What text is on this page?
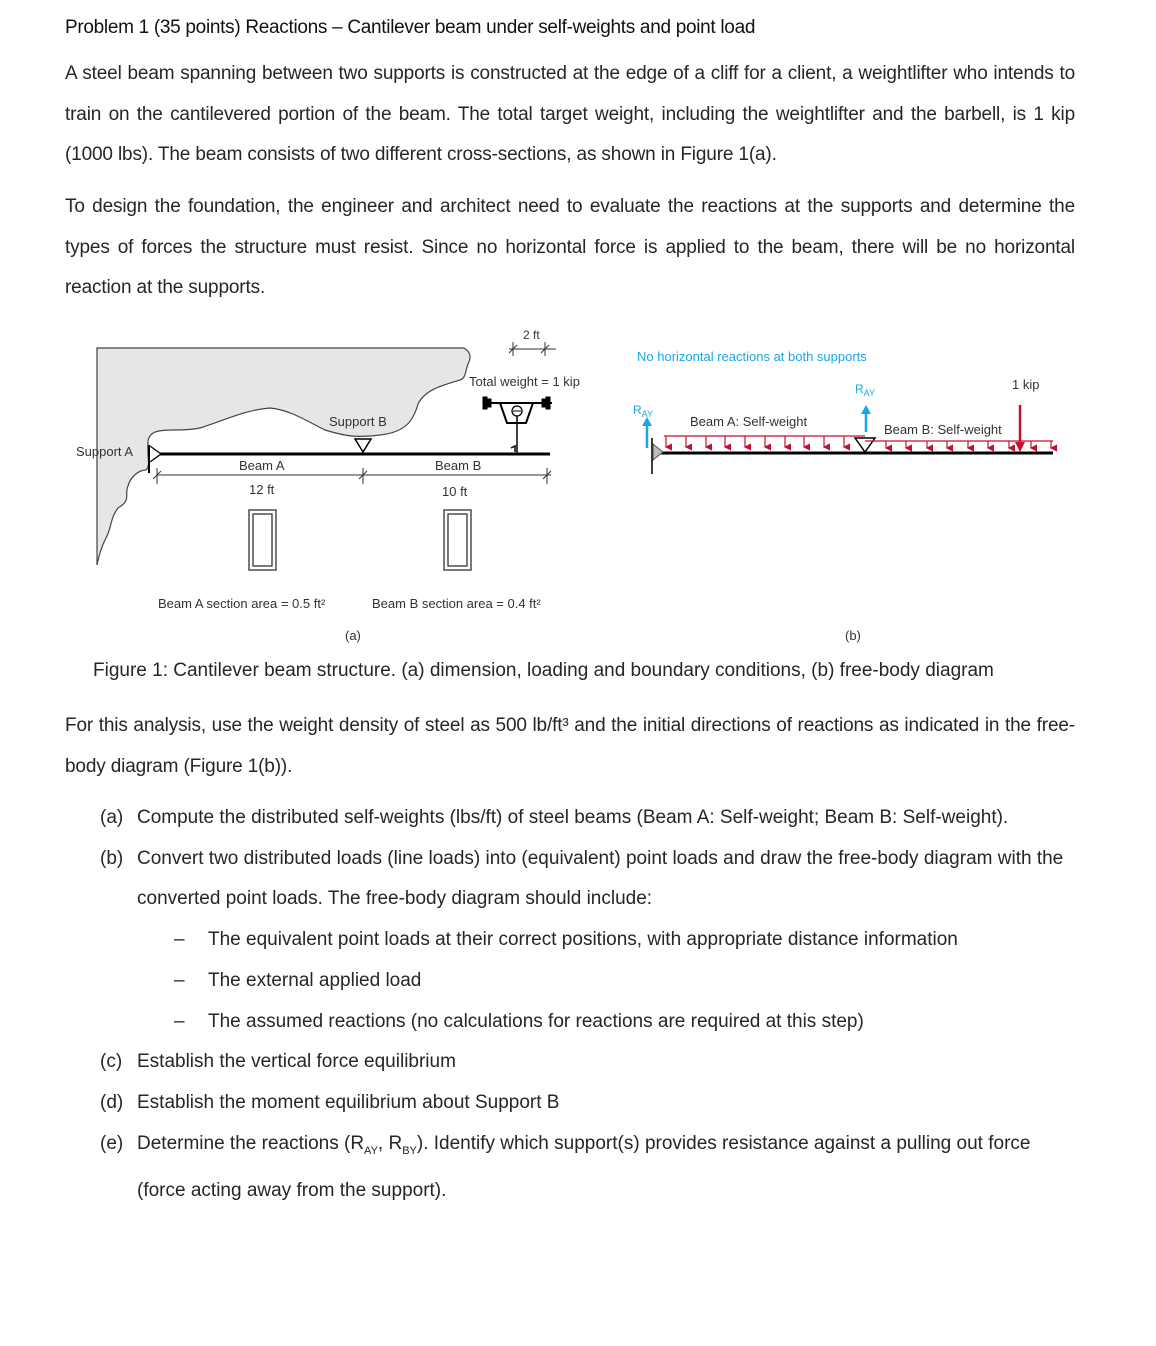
Problem 1 (35 points) Reactions – Cantilever beam under self-weights and point load
A steel beam spanning between two supports is constructed at the edge of a cliff for a client, a weightlifter who intends to train on the cantilevered portion of the beam. The total target weight, including the weightlifter and the barbell, is 1 kip (1000 lbs). The beam consists of two different cross-sections, as shown in Figure 1(a).
To design the foundation, the engineer and architect need to evaluate the reactions at the supports and determine the types of forces the structure must resist. Since no horizontal force is applied to the beam, there will be no horizontal reaction at the supports.
Support A
Support B
Beam A	Beam B
12 ft	10 ft
2 ft
Total weight = 1 kip
Beam A section area = 0.5 ft²	Beam B section area = 0.4 ft²
(a)
No horizontal reactions at both supports
1 kip
$R_{AY}$
$R_{AY}$
Beam A: Self-weight
Beam B: Self-weight
(b)
Figure 1: Cantilever beam structure. (a) dimension, loading and boundary conditions, (b) free-body diagram
For this analysis, use the weight density of steel as 500 lb/ft³ and the initial directions of reactions as indicated in the free-body diagram (Figure 1(b)).
(a) Compute the distributed self-weights (lbs/ft) of steel beams (Beam A: Self-weight; Beam B: Self-weight).
(b) Convert two distributed loads (line loads) into (equivalent) point loads and draw the free-body diagram with the converted point loads. The free-body diagram should include:
– The equivalent point loads at their correct positions, with appropriate distance information
– The external applied load
– The assumed reactions (no calculations for reactions are required at this step)
(c) Establish the vertical force equilibrium
(d) Establish the moment equilibrium about Support B
(e) Determine the reactions ($R_{AY}$, $R_{BY}$). Identify which support(s) provides resistance against a pulling out force (force acting away from the support).
